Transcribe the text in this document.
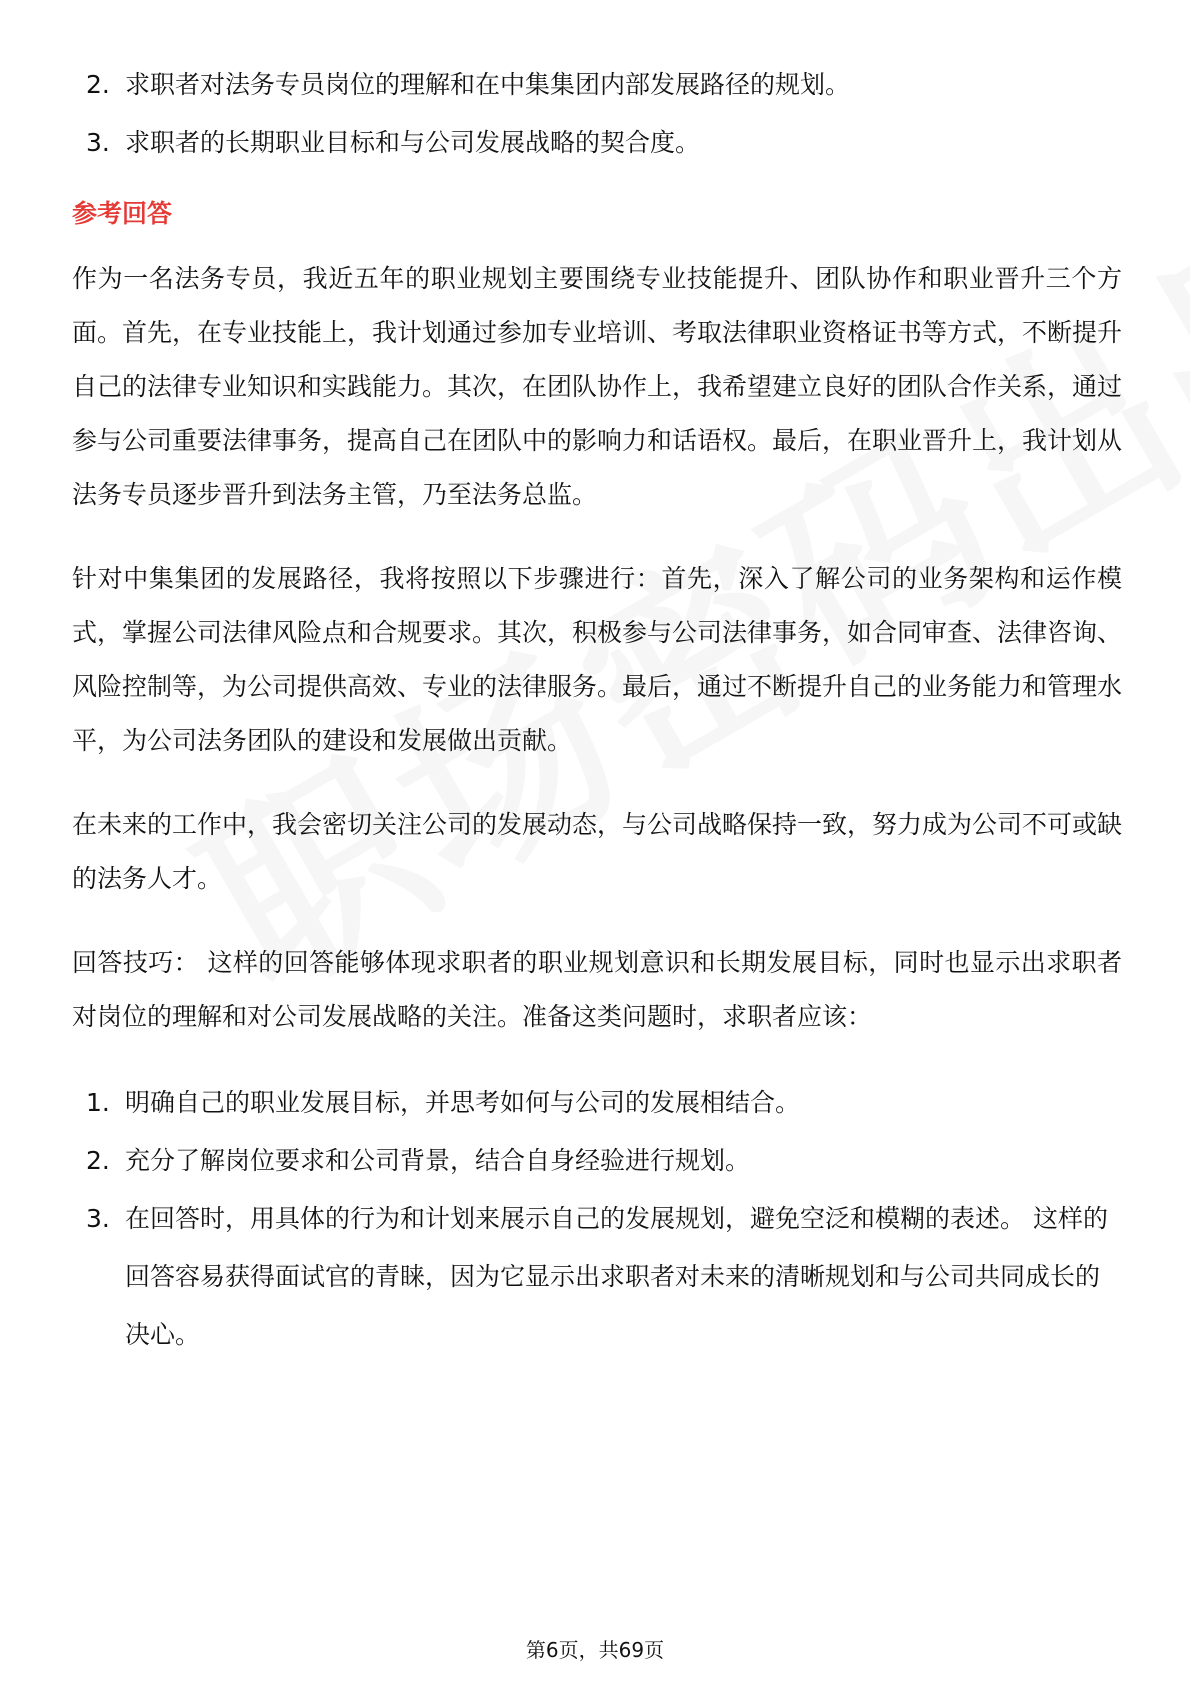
2. 求职者对法务专员岗位的理解和在中集集团内部发展路径的规划。
3. 求职者的长期职业目标和与公司发展战略的契合度。
参考回答

作为一名法务专员，我近五年的职业规划主要围绕专业技能提升、团队协作和职业晋升三个方面。首先，在专业技能上，我计划通过参加专业培训、考取法律职业资格证书等方式，不断提升自己的法律专业知识和实践能力。其次，在团队协作上，我希望建立良好的团队合作关系，通过参与公司重要法律事务，提高自己在团队中的影响力和话语权。最后，在职业晋升上，我计划从法务专员逐步晋升到法务主管，乃至法务总监。

针对中集集团的发展路径，我将按照以下步骤进行：首先，深入了解公司的业务架构和运作模式，掌握公司法律风险点和合规要求。其次，积极参与公司法律事务，如合同审查、法律咨询、风险控制等，为公司提供高效、专业的法律服务。最后，通过不断提升自己的业务能力和管理水平，为公司法务团队的建设和发展做出贡献。

在未来的工作中，我会密切关注公司的发展动态，与公司战略保持一致，努力成为公司不可或缺的法务人才。

回答技巧： 这样的回答能够体现求职者的职业规划意识和长期发展目标，同时也显示出求职者对岗位的理解和对公司发展战略的关注。准备这类问题时，求职者应该：

1. 明确自己的职业发展目标，并思考如何与公司的发展相结合。
2. 充分了解岗位要求和公司背景，结合自身经验进行规划。
3. 在回答时，用具体的行为和计划来展示自己的发展规划，避免空泛和模糊的表述。 这样的回答容易获得面试官的青睐，因为它显示出求职者对未来的清晰规划和与公司共同成长的决心。
第6页，共69页
